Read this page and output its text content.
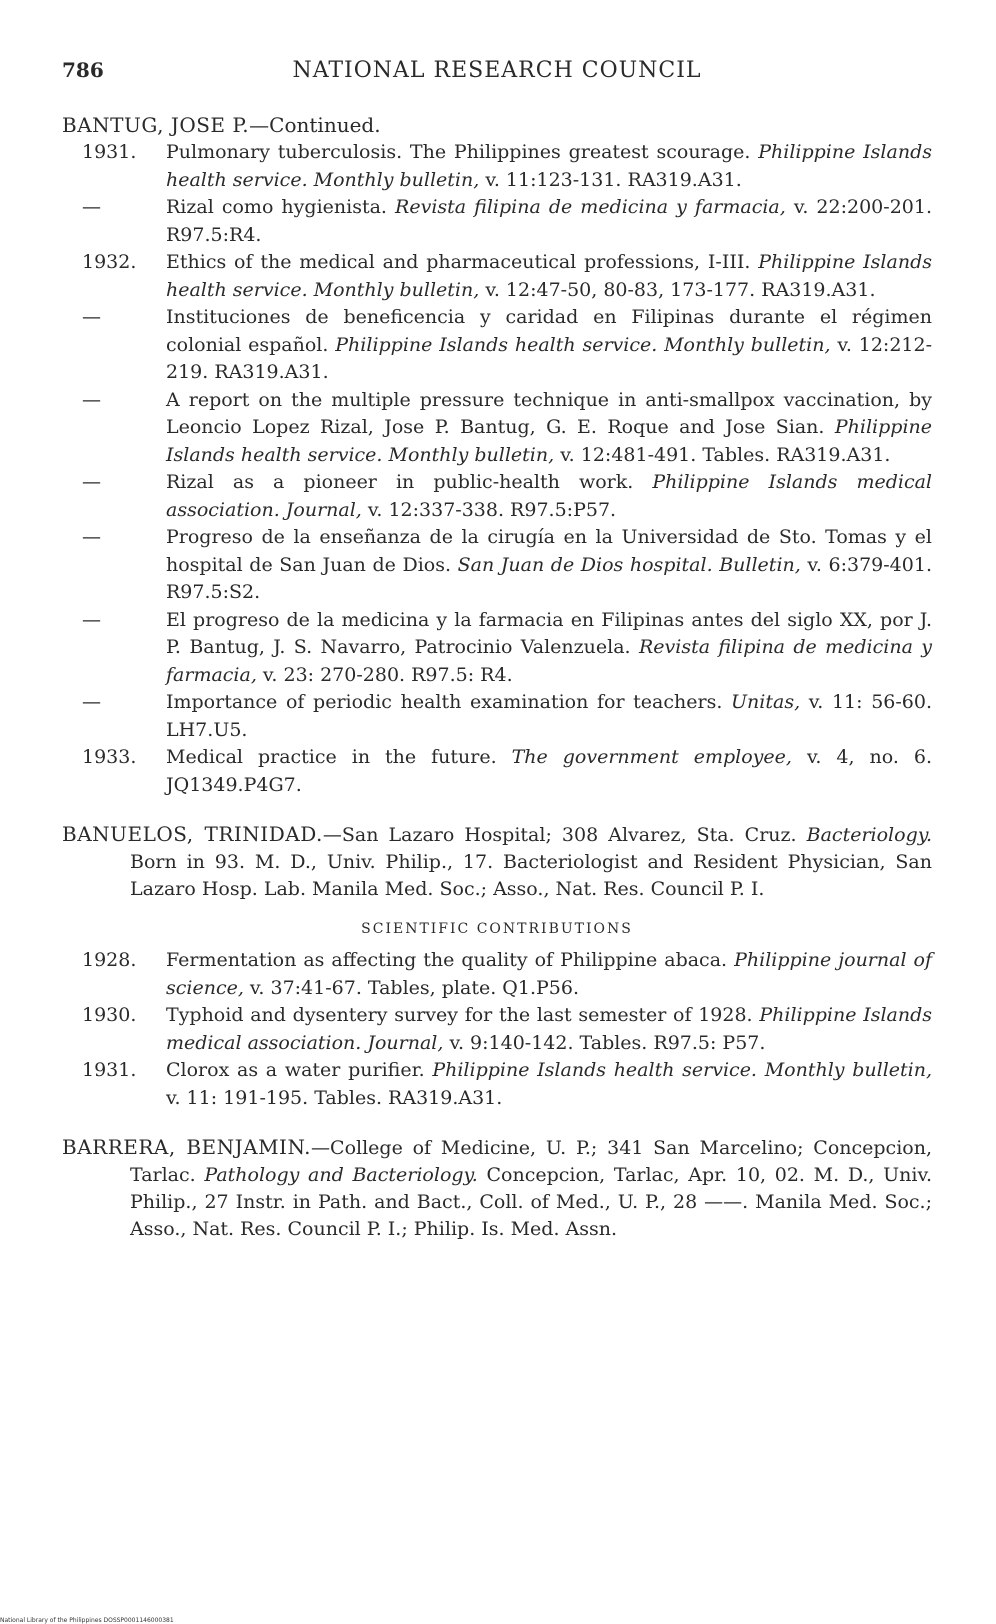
786	NATIONAL RESEARCH COUNCIL

BANTUG, JOSE P.—Continued.

1931.	Pulmonary tuberculosis. The Philippines greatest scourage. Philippine Islands health service. Monthly bulletin, v. 11:123-131. RA319.A31.

—	Rizal como hygienista. Revista filipina de medicina y farmacia, v. 22:200-201. R97.5:R4.

1932.	Ethics of the medical and pharmaceutical professions, I-III. Philippine Islands health service. Monthly bulletin, v. 12:47-50, 80-83, 173-177. RA319.A31.

—	Instituciones de beneficencia y caridad en Filipinas durante el régimen colonial español. Philippine Islands health service. Monthly bulletin, v. 12:212-219. RA319.A31.

—	A report on the multiple pressure technique in anti-smallpox vaccination, by Leoncio Lopez Rizal, Jose P. Bantug, G. E. Roque and Jose Sian. Philippine Islands health service. Monthly bulletin, v. 12:481-491. Tables. RA319.A31.

—	Rizal as a pioneer in public-health work. Philippine Islands medical association. Journal, v. 12:337-338. R97.5:P57.

—	Progreso de la enseñanza de la cirugía en la Universidad de Sto. Tomas y el hospital de San Juan de Dios. San Juan de Dios hospital. Bulletin, v. 6:379-401. R97.5:S2.

—	El progreso de la medicina y la farmacia en Filipinas antes del siglo XX, por J. P. Bantug, J. S. Navarro, Patrocinio Valenzuela. Revista filipina de medicina y farmacia, v. 23: 270-280. R97.5: R4.

—	Importance of periodic health examination for teachers. Unitas, v. 11: 56-60. LH7.U5.

1933.	Medical practice in the future. The government employee, v. 4, no. 6. JQ1349.P4G7.

BANUELOS, TRINIDAD.—San Lazaro Hospital; 308 Alvarez, Sta. Cruz. Bacteriology. Born in 93. M. D., Univ. Philip., 17. Bacteriologist and Resident Physician, San Lazaro Hosp. Lab. Manila Med. Soc.; Asso., Nat. Res. Council P. I.

SCIENTIFIC CONTRIBUTIONS

1928.	Fermentation as affecting the quality of Philippine abaca. Philippine journal of science, v. 37:41-67. Tables, plate. Q1.P56.

1930.	Typhoid and dysentery survey for the last semester of 1928. Philippine Islands medical association. Journal, v. 9:140-142. Tables. R97.5: P57.

1931.	Clorox as a water purifier. Philippine Islands health service. Monthly bulletin, v. 11: 191-195. Tables. RA319.A31.

BARRERA, BENJAMIN.—College of Medicine, U. P.; 341 San Marcelino; Concepcion, Tarlac. Pathology and Bacteriology. Concepcion, Tarlac, Apr. 10, 02. M. D., Univ. Philip., 27 Instr. in Path. and Bact., Coll. of Med., U. P., 28 ——. Manila Med. Soc.; Asso., Nat. Res. Council P. I.; Philip. Is. Med. Assn.

National Library of the Philippines DOSSP0001146000381
